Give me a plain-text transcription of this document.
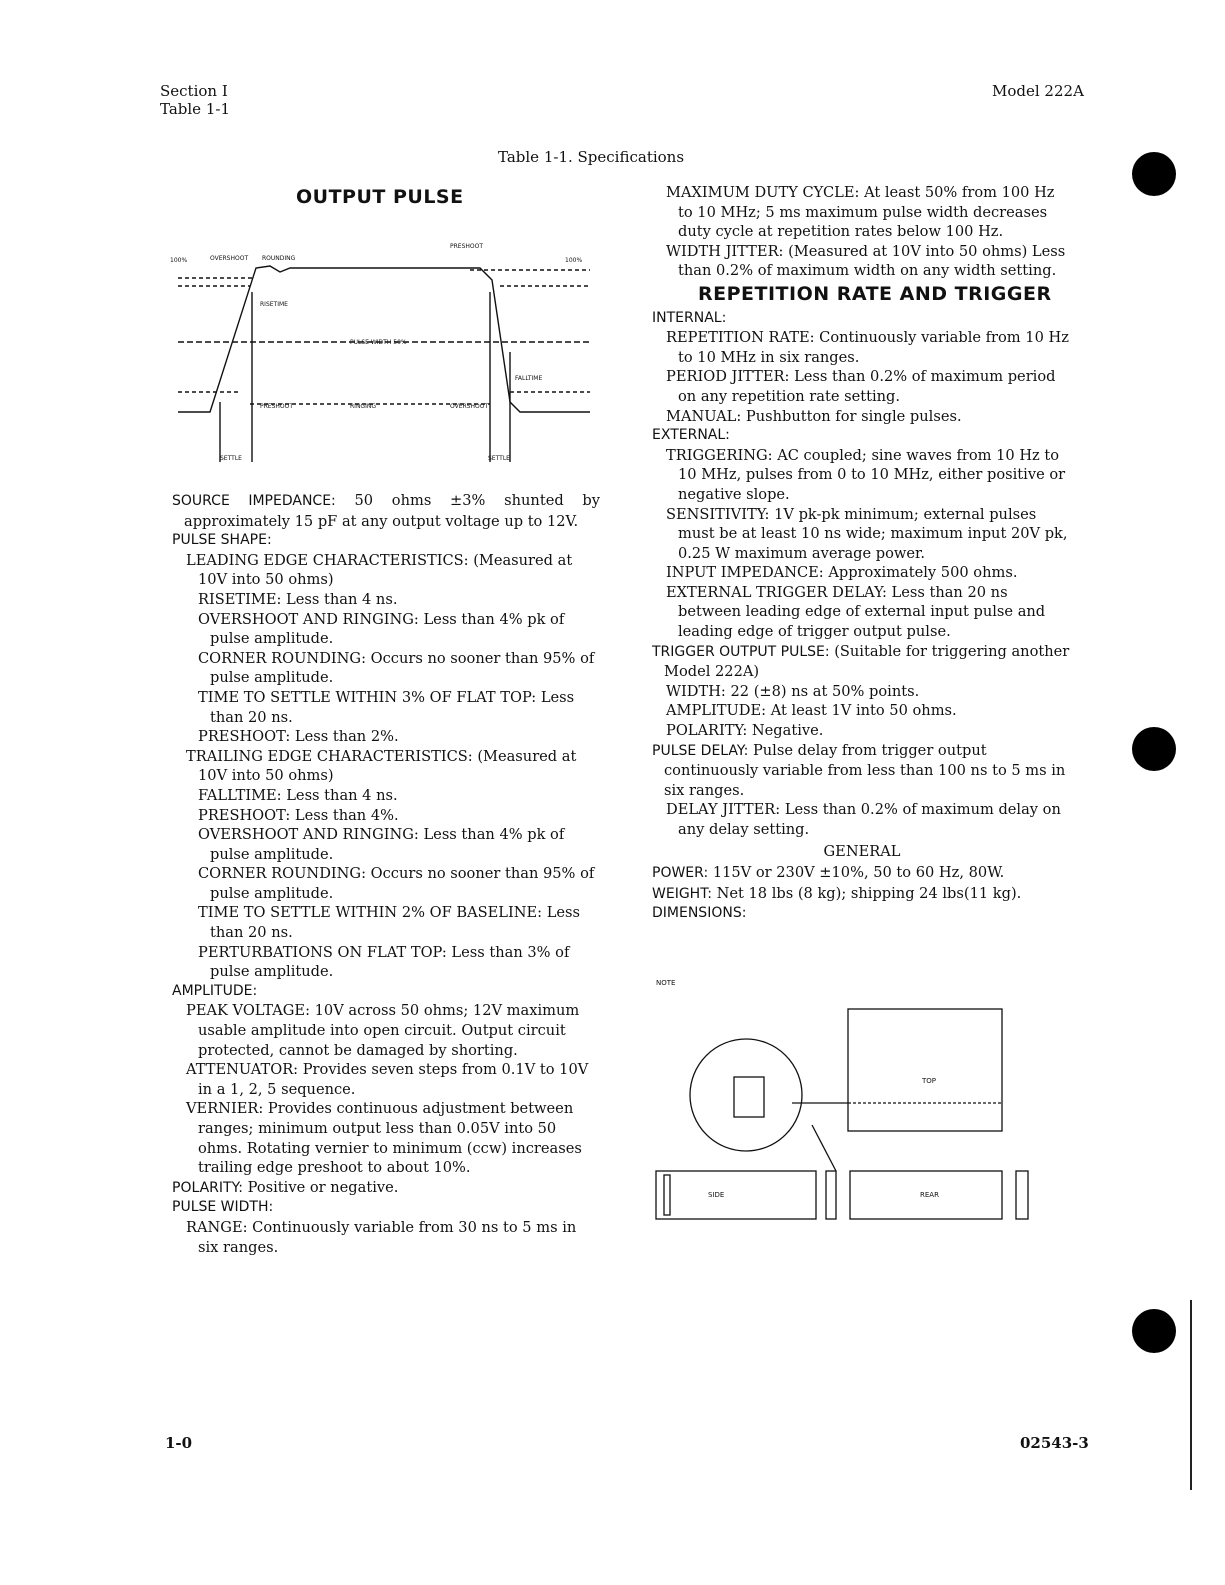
Section I
Table 1-1
Model 222A
Table 1-1. Specifications
OUTPUT PULSE
100%	100%
OVERSHOOT ROUNDING
PULSE WIDTH 50%
RISETIME
PRESHOOT	RINGING
PRESHOOT
FALLTIME
OVERSHOOT
SETTLE	SETTLE

SOURCE IMPEDANCE: 50 ohms ±3% shunted by approximately 15 pF at any output voltage up to 12V.

PULSE SHAPE:

LEADING EDGE CHARACTERISTICS: (Measured at 10V into 50 ohms)

RISETIME: Less than 4 ns.

OVERSHOOT AND RINGING: Less than 4% pk of pulse amplitude.

CORNER ROUNDING: Occurs no sooner than 95% of pulse amplitude.

TIME TO SETTLE WITHIN 3% OF FLAT TOP: Less than 20 ns.

PRESHOOT: Less than 2%.

TRAILING EDGE CHARACTERISTICS: (Measured at 10V into 50 ohms)

FALLTIME: Less than 4 ns.

PRESHOOT: Less than 4%.

OVERSHOOT AND RINGING: Less than 4% pk of pulse amplitude.

CORNER ROUNDING: Occurs no sooner than 95% of pulse amplitude.

TIME TO SETTLE WITHIN 2% OF BASELINE: Less than 20 ns.

PERTURBATIONS ON FLAT TOP: Less than 3% of pulse amplitude.

AMPLITUDE:

PEAK VOLTAGE: 10V across 50 ohms; 12V maximum usable amplitude into open circuit. Output circuit protected, cannot be damaged by shorting.

ATTENUATOR: Provides seven steps from 0.1V to 10V in a 1, 2, 5 sequence.

VERNIER: Provides continuous adjustment between ranges; minimum output less than 0.05V into 50 ohms. Rotating vernier to minimum (ccw) increases trailing edge preshoot to about 10%.

POLARITY: Positive or negative.

PULSE WIDTH:

RANGE: Continuously variable from 30 ns to 5 ms in six ranges.

MAXIMUM DUTY CYCLE: At least 50% from 100 Hz to 10 MHz; 5 ms maximum pulse width decreases duty cycle at repetition rates below 100 Hz.

WIDTH JITTER: (Measured at 10V into 50 ohms) Less than 0.2% of maximum width on any width setting.

REPETITION RATE AND TRIGGER

INTERNAL:

REPETITION RATE: Continuously variable from 10 Hz to 10 MHz in six ranges.

PERIOD JITTER: Less than 0.2% of maximum period on any repetition rate setting.

MANUAL: Pushbutton for single pulses.

EXTERNAL:

TRIGGERING: AC coupled; sine waves from 10 Hz to 10 MHz, pulses from 0 to 10 MHz, either positive or negative slope.

SENSITIVITY: 1V pk-pk minimum; external pulses must be at least 10 ns wide; maximum input 20V pk, 0.25 W maximum average power.

INPUT IMPEDANCE: Approximately 500 ohms.

EXTERNAL TRIGGER DELAY: Less than 20 ns between leading edge of external input pulse and leading edge of trigger output pulse.

TRIGGER OUTPUT PULSE: (Suitable for triggering another Model 222A)

WIDTH: 22 (±8) ns at 50% points.

AMPLITUDE: At least 1V into 50 ohms.

POLARITY: Negative.

PULSE DELAY: Pulse delay from trigger output continuously variable from less than 100 ns to 5 ms in six ranges.

DELAY JITTER: Less than 0.2% of maximum delay on any delay setting.

GENERAL

POWER: 115V or 230V ±10%, 50 to 60 Hz, 80W.

WEIGHT: Net 18 lbs (8 kg); shipping 24 lbs(11 kg).

DIMENSIONS:

NOTE
TOP
REAR
SIDE
1-0	02543-3
